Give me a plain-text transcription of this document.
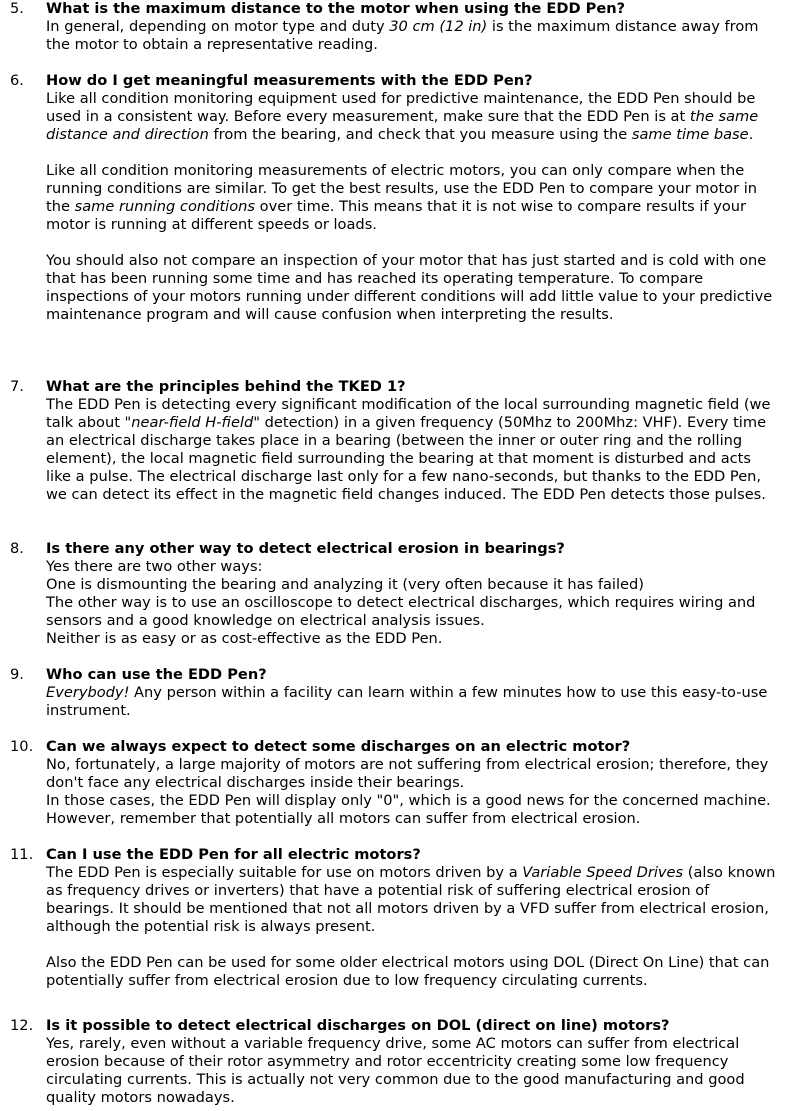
5. What is the maximum distance to the motor when using the EDD Pen?
In general, depending on motor type and duty 30 cm (12 in) is the maximum distance away from the motor to obtain a representative reading.
6. How do I get meaningful measurements with the EDD Pen?
Like all condition monitoring equipment used for predictive maintenance, the EDD Pen should be used in a consistent way. Before every measurement, make sure that the EDD Pen is at the same distance and direction from the bearing, and check that you measure using the same time base.
Like all condition monitoring measurements of electric motors, you can only compare when the running conditions are similar. To get the best results, use the EDD Pen to compare your motor in the same running conditions over time. This means that it is not wise to compare results if your motor is running at different speeds or loads.
You should also not compare an inspection of your motor that has just started and is cold with one that has been running some time and has reached its operating temperature. To compare inspections of your motors running under different conditions will add little value to your predictive maintenance program and will cause confusion when interpreting the results.
7. What are the principles behind the TKED 1?
The EDD Pen is detecting every significant modification of the local surrounding magnetic field (we talk about "near-field H-field" detection) in a given frequency (50Mhz to 200Mhz: VHF). Every time an electrical discharge takes place in a bearing (between the inner or outer ring and the rolling element), the local magnetic field surrounding the bearing at that moment is disturbed and acts like a pulse. The electrical discharge last only for a few nano-seconds, but thanks to the EDD Pen, we can detect its effect in the magnetic field changes induced. The EDD Pen detects those pulses.
8. Is there any other way to detect electrical erosion in bearings?
Yes there are two other ways:
One is dismounting the bearing and analyzing it (very often because it has failed)
The other way is to use an oscilloscope to detect electrical discharges, which requires wiring and sensors and a good knowledge on electrical analysis issues.
Neither is as easy or as cost-effective as the EDD Pen.
9. Who can use the EDD Pen?
Everybody! Any person within a facility can learn within a few minutes how to use this easy-to-use instrument.
10. Can we always expect to detect some discharges on an electric motor?
No, fortunately, a large majority of motors are not suffering from electrical erosion; therefore, they don't face any electrical discharges inside their bearings.
In those cases, the EDD Pen will display only "0", which is a good news for the concerned machine. However, remember that potentially all motors can suffer from electrical erosion.
11. Can I use the EDD Pen for all electric motors?
The EDD Pen is especially suitable for use on motors driven by a Variable Speed Drives (also known as frequency drives or inverters) that have a potential risk of suffering electrical erosion of bearings. It should be mentioned that not all motors driven by a VFD suffer from electrical erosion, although the potential risk is always present.
Also the EDD Pen can be used for some older electrical motors using DOL (Direct On Line) that can potentially suffer from electrical erosion due to low frequency circulating currents.
12. Is it possible to detect electrical discharges on DOL (direct on line) motors?
Yes, rarely, even without a variable frequency drive, some AC motors can suffer from electrical erosion because of their rotor asymmetry and rotor eccentricity creating some low frequency circulating currents. This is actually not very common due to the good manufacturing and good quality motors nowadays.
